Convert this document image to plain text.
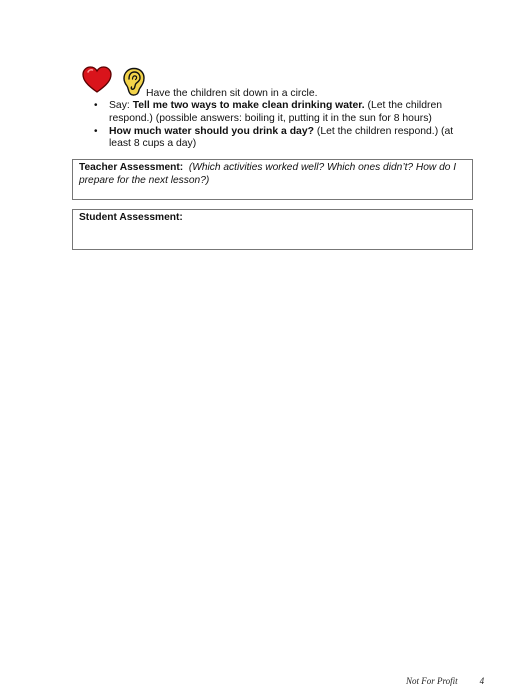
Have the children sit down in a circle.
• Say: Tell me two ways to make clean drinking water. (Let the children respond.) (possible answers: boiling it, putting it in the sun for 8 hours)
• How much water should you drink a day? (Let the children respond.) (at least 8 cups a day)
Teacher Assessment: (Which activities worked well? Which ones didn’t? How do I prepare for the next lesson?)
Student Assessment:
Not For Profit 4
